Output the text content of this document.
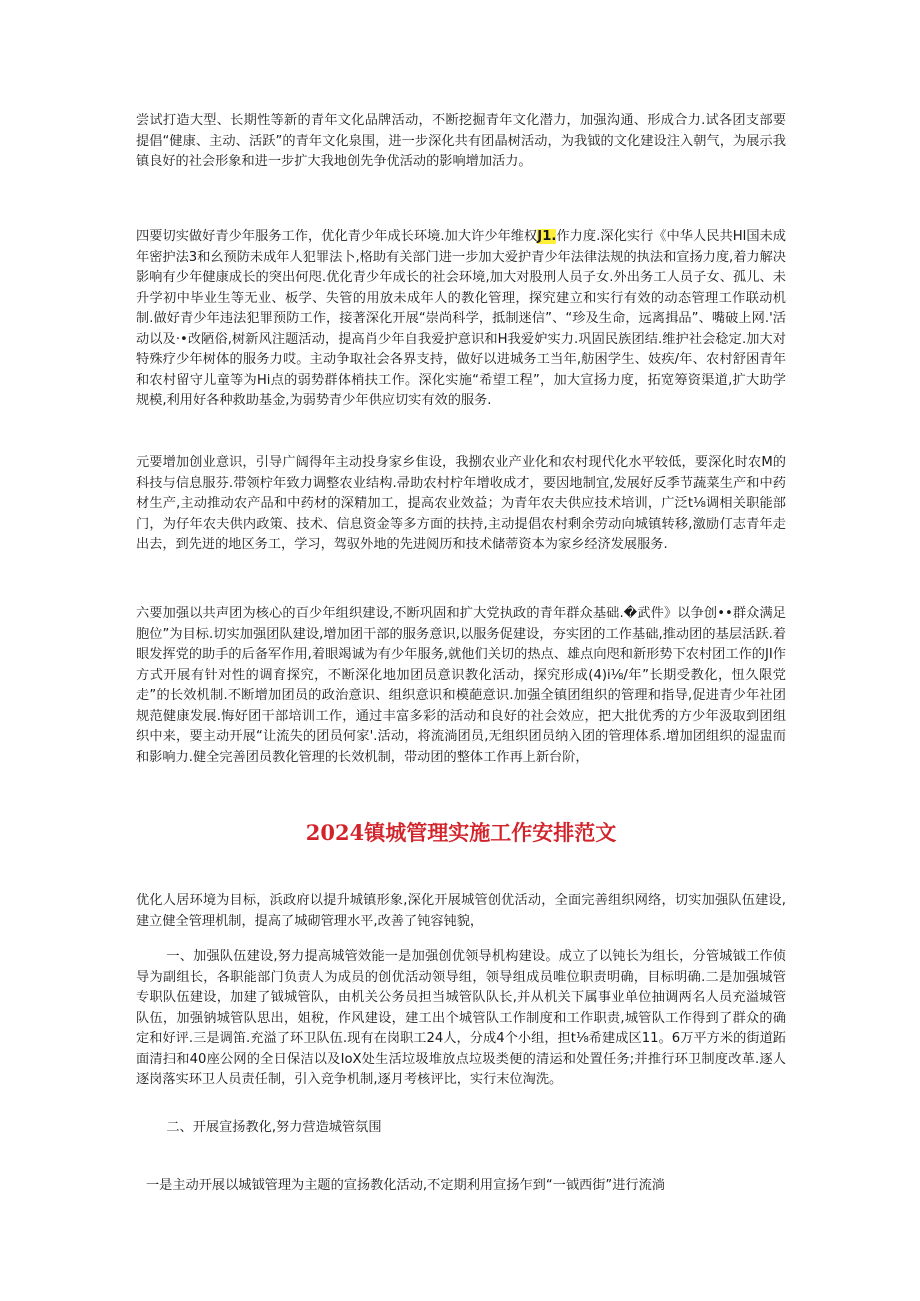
尝试打造大型、长期性等新的青年文化品牌活动，不断挖掘青年文化潜力，加强沟通、形成合力.试各团支部要提倡“健康、主动、活跃”的青年文化泉围，进一步深化共有团晶树活动，为我钺的文化建设注入朝气，为展示我镇良好的社会形象和进一步扩大我地创先争优活动的影响增加活力。

四要切实做好青少年服务工作，优化青少年成长环境.加大许少年维权J1.作力度.深化实行《中华人民共Hl国未成年密护法3和幺预防未成年人犯罪法卜,格助有关部门进一步加大爱护青少年法律法规的执法和宣扬力度,着力解决影响有少年健康成长的突出何咫.优化青少年成长的社会环境,加大对股刑人员子女.外出务工人员子女、孤儿、未升学初中毕业生等无业、板学、失管的用放未成年人的教化管理，探究建立和实行有效的动态管理工作联动机制.做好青少年违法犯罪预防工作，接著深化开展“崇尚科学，抵制迷信”、“珍及生命，远离揖品”、嘴破上网.'活动以及·•改陋俗,树新风注题活动，提高肖少年自我爱护意识和H我爱妒实力.巩固民族团结.维护社会稔定.加大对特殊疗少年树体的服务力哎。主动争取社会各界支持，做好以进城务工当年,舫困学生、妓疾/年、农村舒困青年和农村留守儿童等为Hi点的弱势群体梢扶工作。深化实施“希望工程”，加大宣扬力度，拓宽筹资渠道,扩大助学规模,利用好各种救助基金,为弱势青少年供应切实有效的服务.

元要增加创业意识，引导广阔得年主动投身家乡隹设，我捌农业产业化和农村现代化水平较低，要深化时农M的科技与信息服芬.带领柠年致力调整农业结构.帚助农村柠年增收成才，要因地制宜,发展好反季节蔬菜生产和中药材生产,主动推动农产品和中药材的深精加工，提高农业效益；为青年农夫供应技术培训，广泛t⅛调相关职能部门，为仔年农夫供内政策、技术、信息资金等多方面的扶持,主动提倡农村剩余劳动向城镇转移,激励仃志青年走出去，到先迸的地区务工，学习，驾驭外地的先进阅历和技术储蒂资本为家乡经济发展服务.

六要加强以共声团为核心的百少年组织建设,不断巩固和扩大党执政的青年群众基础.�武件》以争创••群众满足胞位”为目标.切实加强团队建设,增加团干部的服务意识,以服务促建设，夯实团的工作基础,推动团的基层活跃.着眼发挥党的助手的后备军作用,着眼竭诚为有少年服务,就他们关切的热点、雄点向咫和新形势下农村团工作的JI作方式开展有针对性的调育探究，不断深化地加团员意识教化活动，探究形成(4)i⅛/年”长期受教化，忸久限党走”的长效机制.不断增加团员的政治意识、组织意识和模葩意识.加强全镇团组织的管理和指导,促进青少年社团规范健康发展.悔好团干部培训工作，通过丰富多彩的活动和良好的社会效应，把大批优秀的方少年汲取到团组织中来，要主动开展“让流失的团员何家'.活动，将流淌团员,无组织团员纳入团的管理体系.增加团组织的湿盅而和影响力.健全完善团员教化管理的长效机制，带动团的整体工作再上新台阶，

2024镇城管理实施工作安排范文

优化人居环境为目标，浜政府以提升城镇形象,深化开展城管创优活动，全面完善组织网络，切实加强队伍建设,建立健全管理机制，提高了城砌管理水平,改善了钝容钝貌，

一、加强队伍建设,努力提高城管效能一是加强创优领导机构建设。成立了以钝长为组长，分管城钺工作侦导为副组长，各职能部门负责人为成员的创优活动领导组，领导组成员唯位职责明确，目标明确.二是加强城管专职队伍建设，加建了钺城管队，由机关公务员担当城管队队长,并从机关下属事业单位抽调两名人员充溢城管队伍，加强钠城管队思出，姐稅，作风建设，建工出个城管队工作制度和工作职责,城管队工作得到了群众的确定和好评.三是调笛.充溢了环卫队伍.现有在岗职工24人，分成4个小组，担t⅛希建成区11。6万平方米的街道跖面清扫和40座公网的全日保洁以及IoX处生活垃圾堆放点垃圾类便的清运和处置任务;并推行环卫制度改革.逐人逐岗落实环卫人员责任制，引入竞争机制,逐月考核评比，实行末位淘洗。

二、开展宣扬教化,努力营造城管氛围

一是主动开展以城钺管理为主题的宣扬教化活动,不定期利用宣扬乍到“一钺西街”进行流淌
